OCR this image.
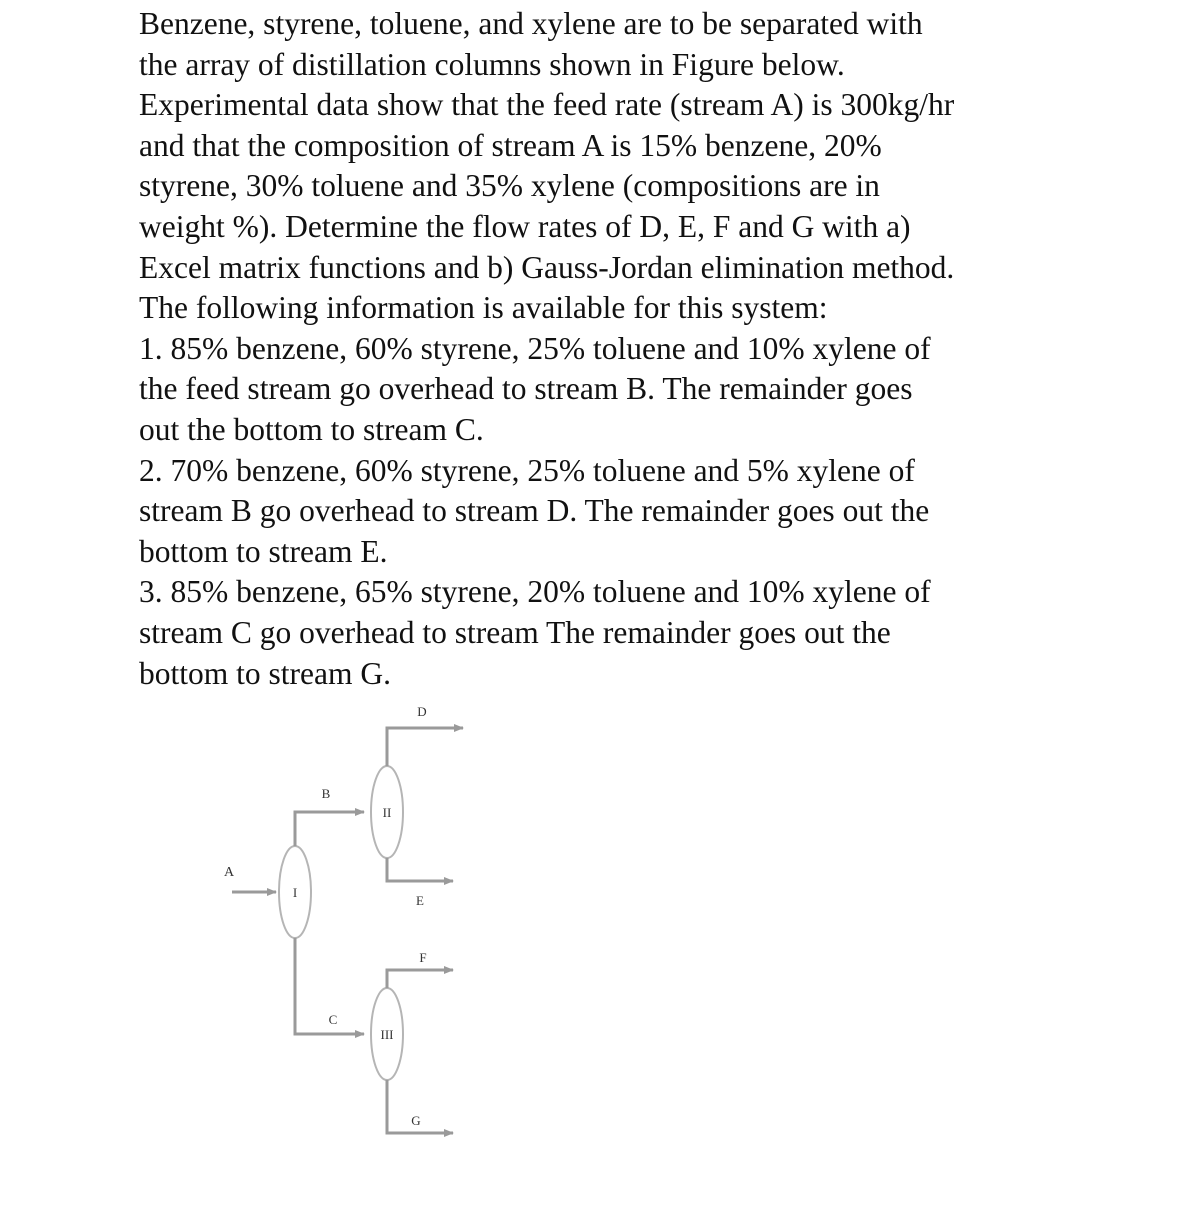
Benzene, styrene, toluene, and xylene are to be separated with

the array of distillation columns shown in Figure below.

Experimental data show that the feed rate (stream A) is 300kg/hr

and that the composition of stream A is 15% benzene, 20%

styrene, 30% toluene and 35% xylene (compositions are in

weight %). Determine the flow rates of D, E, F and G with a)

Excel matrix functions and b) Gauss-Jordan elimination method.

The following information is available for this system:

1. 85% benzene, 60% styrene, 25% toluene and 10% xylene of

the feed stream go overhead to stream B. The remainder goes

out the bottom to stream C.

2. 70% benzene, 60% styrene, 25% toluene and 5% xylene of

stream B go overhead to stream D. The remainder goes out the

bottom to stream E.

3. 85% benzene, 65% styrene, 20% toluene and 10% xylene of

stream C go overhead to stream The remainder goes out the

bottom to stream G.

A
I
B
C
II
D
E
III
F
G
